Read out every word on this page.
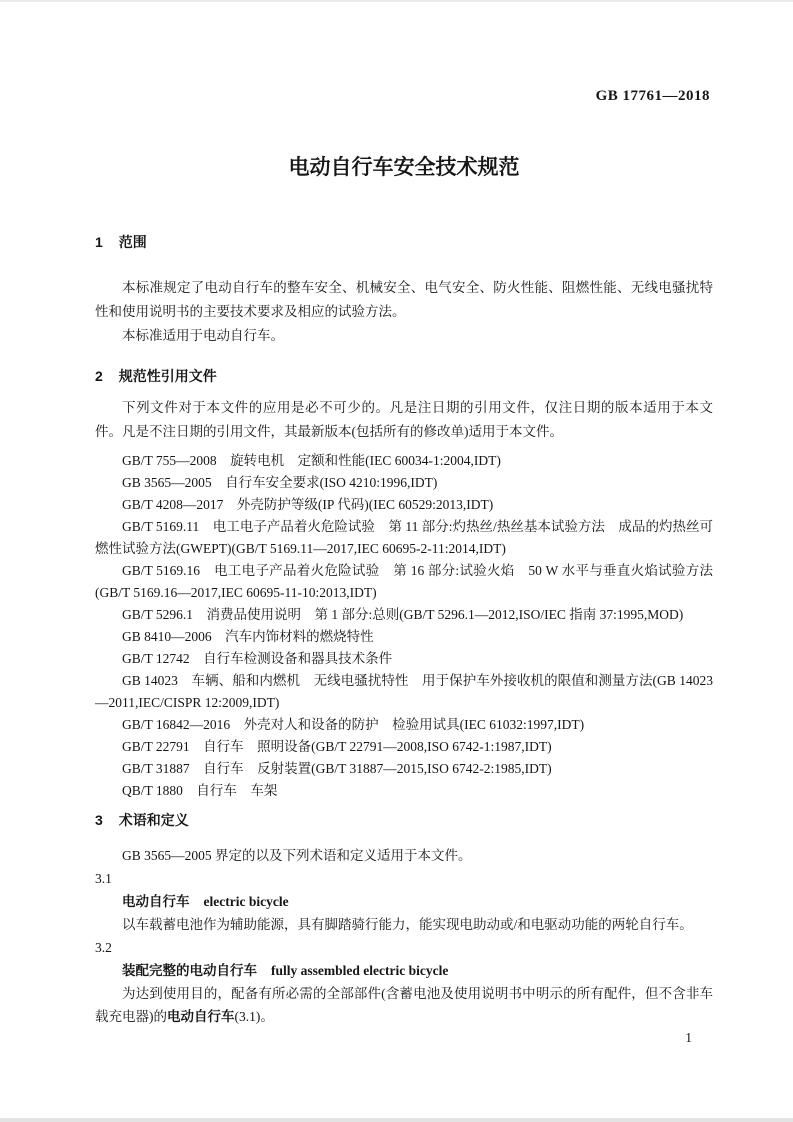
GB 17761—2018
电动自行车安全技术规范
1 范围

本标准规定了电动自行车的整车安全、机械安全、电气安全、防火性能、阻燃性能、无线电骚扰特性和使用说明书的主要技术要求及相应的试验方法。

本标准适用于电动自行车。

2 规范性引用文件

下列文件对于本文件的应用是必不可少的。凡是注日期的引用文件，仅注日期的版本适用于本文件。凡是不注日期的引用文件，其最新版本(包括所有的修改单)适用于本文件。

GB/T 755—2008　旋转电机　定额和性能(IEC 60034-1:2004,IDT)

GB 3565—2005　自行车安全要求(ISO 4210:1996,IDT)

GB/T 4208—2017　外壳防护等级(IP 代码)(IEC 60529:2013,IDT)

GB/T 5169.11　电工电子产品着火危险试验　第 11 部分:灼热丝/热丝基本试验方法　成品的灼热丝可燃性试验方法(GWEPT)(GB/T 5169.11—2017,IEC 60695-2-11:2014,IDT)

GB/T 5169.16　电工电子产品着火危险试验　第 16 部分:试验火焰　50 W 水平与垂直火焰试验方法(GB/T 5169.16—2017,IEC 60695-11-10:2013,IDT)

GB/T 5296.1　消费品使用说明　第 1 部分:总则(GB/T 5296.1—2012,ISO/IEC 指南 37:1995,MOD)

GB 8410—2006　汽车内饰材料的燃烧特性

GB/T 12742　自行车检测设备和器具技术条件

GB 14023　车辆、船和内燃机　无线电骚扰特性　用于保护车外接收机的限值和测量方法(GB 14023—2011,IEC/CISPR 12:2009,IDT)

GB/T 16842—2016　外壳对人和设备的防护　检验用试具(IEC 61032:1997,IDT)

GB/T 22791　自行车　照明设备(GB/T 22791—2008,ISO 6742-1:1987,IDT)

GB/T 31887　自行车　反射装置(GB/T 31887—2015,ISO 6742-2:1985,IDT)

QB/T 1880　自行车　车架

3 术语和定义

GB 3565—2005 界定的以及下列术语和定义适用于本文件。

3.1

电动自行车 electric bicycle

以车载蓄电池作为辅助能源，具有脚踏骑行能力，能实现电助动或/和电驱动功能的两轮自行车。

3.2

装配完整的电动自行车 fully assembled electric bicycle

为达到使用目的，配备有所必需的全部部件(含蓄电池及使用说明书中明示的所有配件，但不含非车载充电器)的电动自行车(3.1)。

1
